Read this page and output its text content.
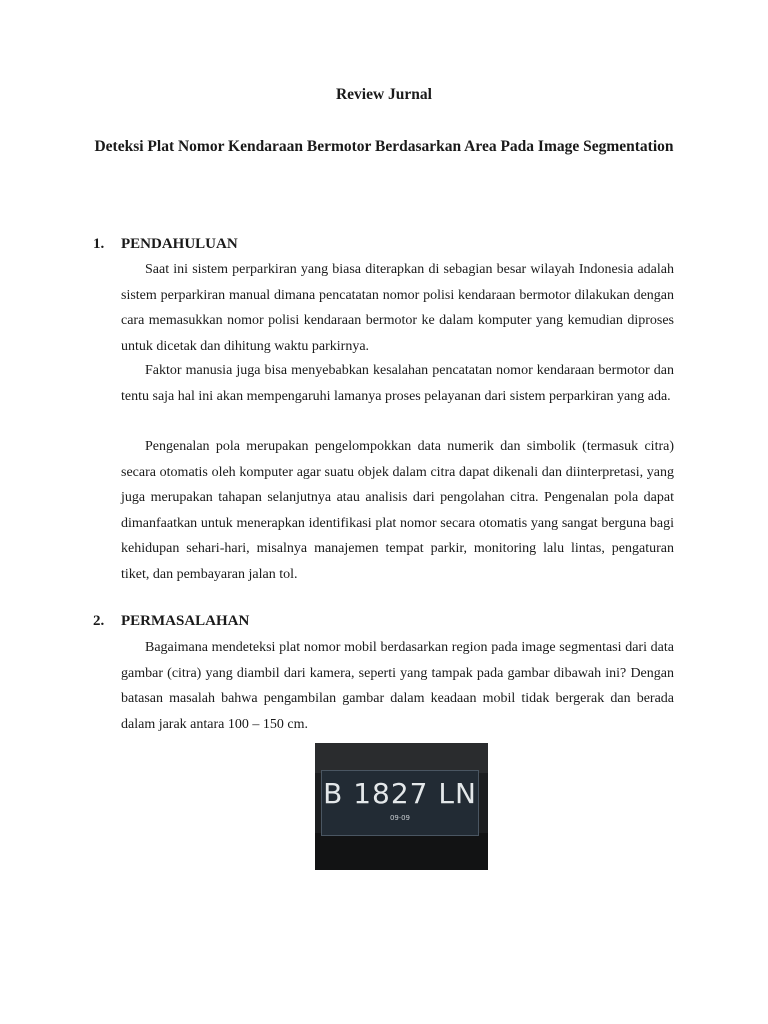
Review Jurnal
Deteksi Plat Nomor Kendaraan Bermotor Berdasarkan Area Pada Image Segmentation
1. PENDAHULUAN

Saat ini sistem perparkiran yang biasa diterapkan di sebagian besar wilayah Indonesia adalah sistem perparkiran manual dimana pencatatan nomor polisi kendaraan bermotor dilakukan dengan cara memasukkan nomor polisi kendaraan bermotor ke dalam komputer yang kemudian diproses untuk dicetak dan dihitung waktu parkirnya.

Faktor manusia juga bisa menyebabkan kesalahan pencatatan nomor kendaraan bermotor dan tentu saja hal ini akan mempengaruhi lamanya proses pelayanan dari sistem perparkiran yang ada.

Pengenalan pola merupakan pengelompokkan data numerik dan simbolik (termasuk citra) secara otomatis oleh komputer agar suatu objek dalam citra dapat dikenali dan diinterpretasi, yang juga merupakan tahapan selanjutnya atau analisis dari pengolahan citra. Pengenalan pola dapat dimanfaatkan untuk menerapkan identifikasi plat nomor secara otomatis yang sangat berguna bagi kehidupan sehari-hari, misalnya manajemen tempat parkir, monitoring lalu lintas, pengaturan tiket, dan pembayaran jalan tol.

2. PERMASALAHAN

Bagaimana mendeteksi plat nomor mobil berdasarkan region pada image segmentasi dari data gambar (citra) yang diambil dari kamera, seperti yang tampak pada gambar dibawah ini? Dengan batasan masalah bahwa pengambilan gambar dalam keadaan mobil tidak bergerak dan berada dalam jarak antara 100 – 150 cm.

B 1827 LN
09·09
